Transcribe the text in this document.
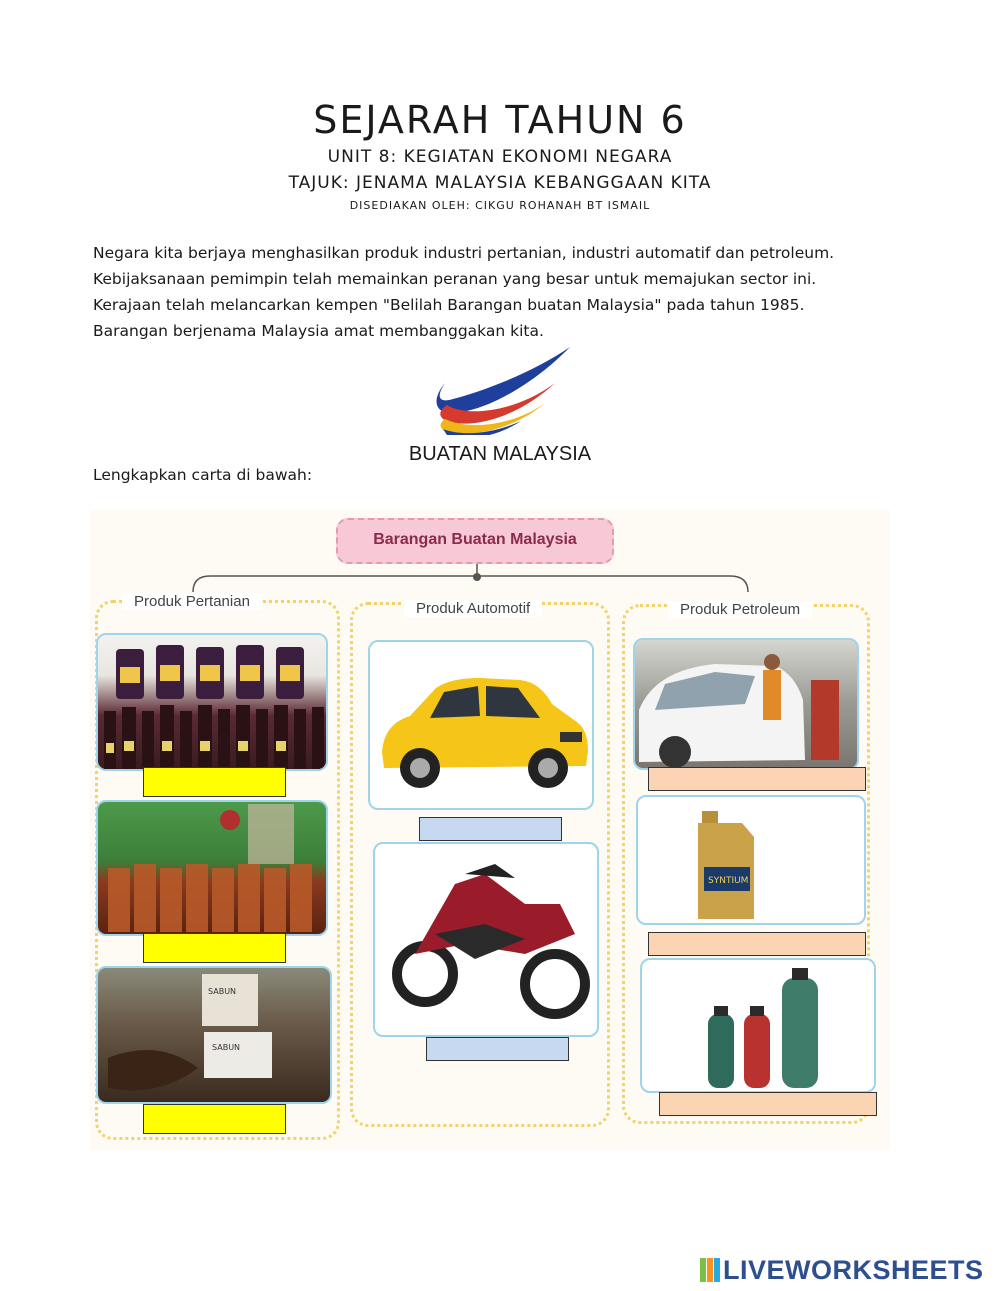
SEJARAH TAHUN 6
UNIT 8: KEGIATAN EKONOMI NEGARA
TAJUK: JENAMA MALAYSIA KEBANGGAAN KITA
DISEDIAKAN OLEH: CIKGU ROHANAH BT ISMAIL

Negara kita berjaya menghasilkan produk industri pertanian, industri automatif dan petroleum.

Kebijaksanaan pemimpin telah memainkan peranan yang besar untuk memajukan sector ini.

Kerajaan telah melancarkan kempen "Belilah Barangan buatan Malaysia" pada tahun 1985.

Barangan berjenama Malaysia amat membanggakan kita.

BUATAN MALAYSIA
Lengkapkan carta di bawah:
Barangan Buatan Malaysia
Produk Pertanian
SABUN
SABUN
Produk Automotif	Produk Petroleum
SYNTIUM
LIVEWORKSHEETS
